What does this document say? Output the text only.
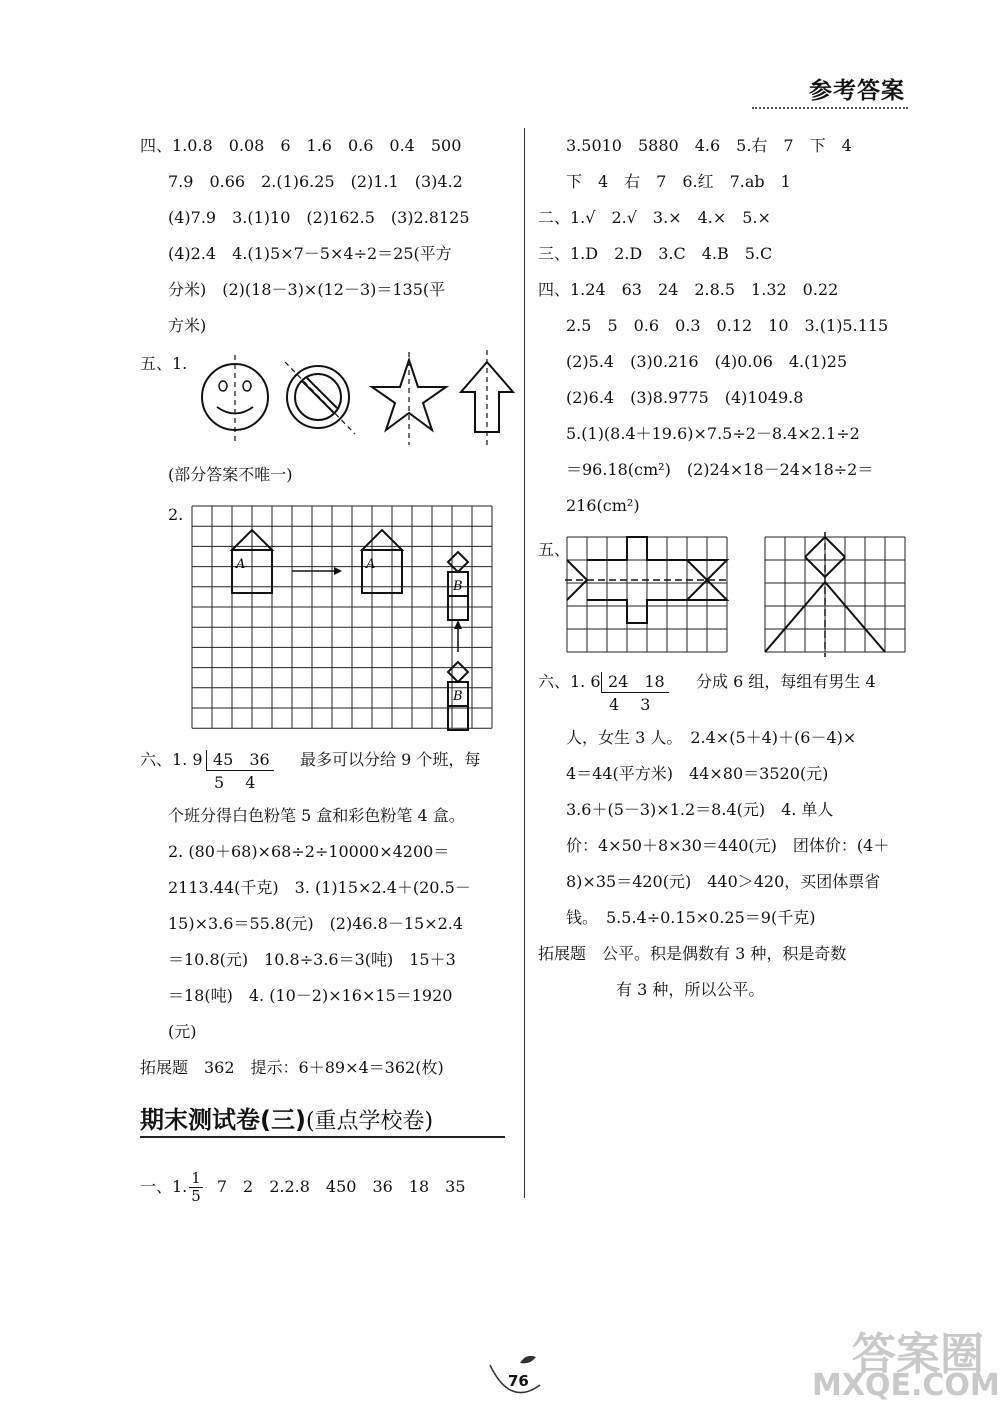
参考答案
四、1.0.8　0.08　6　1.6　0.6　0.4　500
7.9　0.66　2.(1)6.25　(2)1.1　(3)4.2
(4)7.9　3.(1)10　(2)162.5　(3)2.8125
(4)2.4　4.(1)5×7－5×4÷2＝25(平方
分米)　(2)(18－3)×(12－3)＝135(平
方米)
五、1.
(部分答案不唯一)
2.
A	A
B
B
六、1. 9 45　36
5　 4
最多可以分给 9 个班，每
个班分得白色粉笔 5 盒和彩色粉笔 4 盒。
2. (80＋68)×68÷2÷10000×4200＝
2113.44(千克)　3. (1)15×2.4＋(20.5－
15)×3.6＝55.8(元)　(2)46.8－15×2.4
＝10.8(元)　10.8÷3.6＝3(吨)　15＋3
＝18(吨)　4. (10－2)×16×15＝1920
(元)
拓展题　362　提示：6＋89×4＝362(枚)
期末测试卷(三)(重点学校卷)
一、1. $\frac{1}{5} 7$　2　2.2.8　450　36　18　35
3.5010　5880　4.6　5.右　7　下　4
下　4　右　7　6.红　7.ab　1
二、1.√　2.√　3.×　4.×　5.×
三、1.D　2.D　3.C　4.B　5.C
四、1.24　63　24　2.8.5　1.32　0.22
2.5　5　0.6　0.3　0.12　10　3.(1)5.115
(2)5.4　(3)0.216　(4)0.06　4.(1)25
(2)6.4　(3)8.9775　(4)1049.8
5.(1)(8.4＋19.6)×7.5÷2－8.4×2.1÷2
＝96.18(cm²)　(2)24×18－24×18÷2＝
216(cm²)
五、
六、1. 6 24　18
4　 3
分成 6 组，每组有男生 4
人，女生 3 人。　2.4×(5＋4)＋(6－4)×
4＝44(平方米)　44×80＝3520(元)
3.6＋(5－3)×1.2＝8.4(元)　4. 单人
价：4×50＋8×30＝440(元)　团体价：(4＋
8)×35＝420(元)　440＞420，买团体票省
钱。　5.5.4÷0.15×0.25＝9(千克)
拓展题　公平。积是偶数有 3 种，积是奇数
有 3 种，所以公平。
76
答案圈
MXQE.COM
